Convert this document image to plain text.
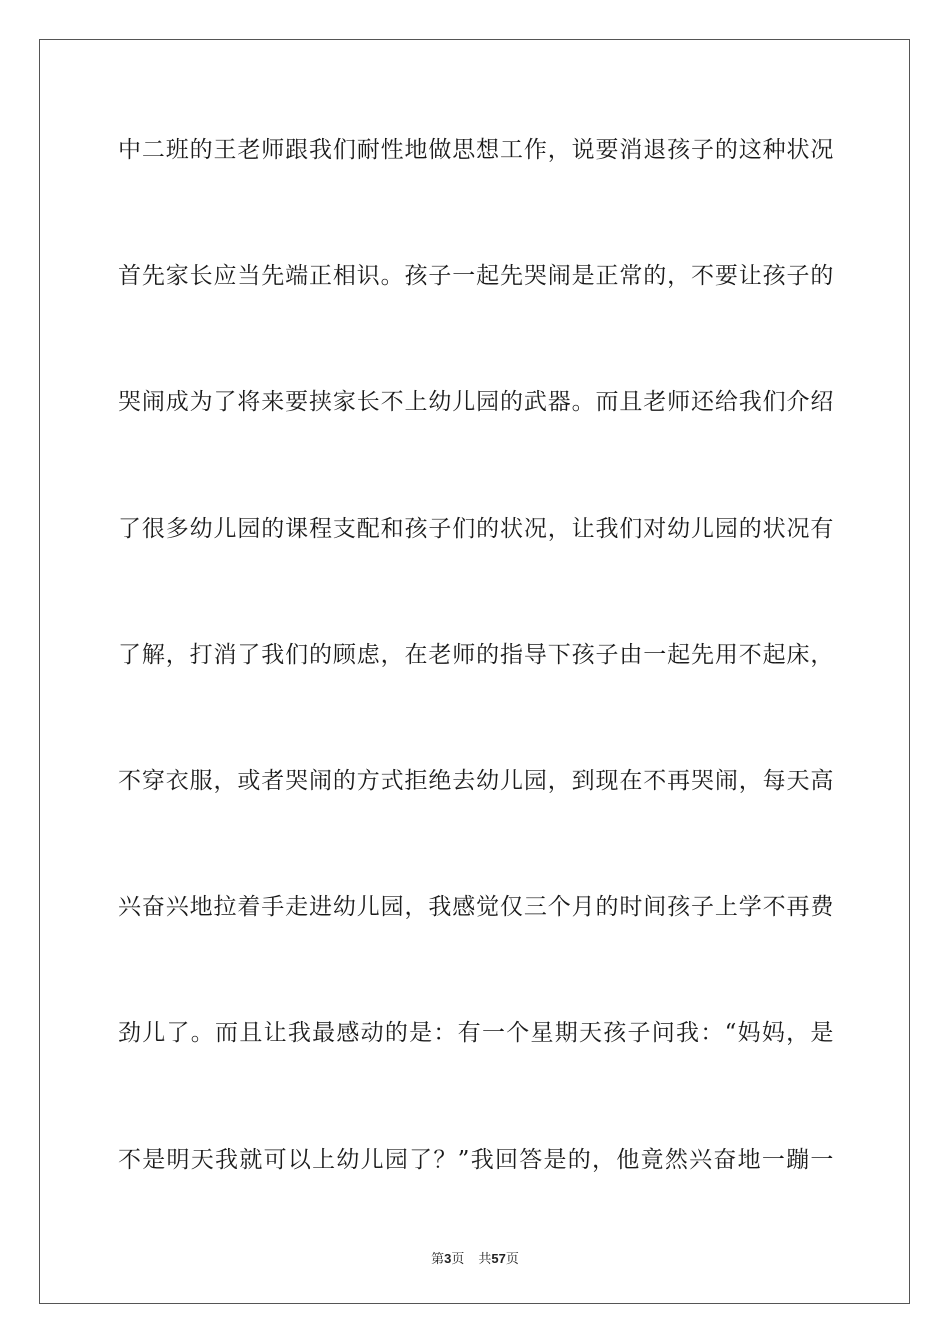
中二班的王老师跟我们耐性地做思想工作，说要消退孩子的这种状况
首先家长应当先端正相识。孩子一起先哭闹是正常的，不要让孩子的
哭闹成为了将来要挟家长不上幼儿园的武器。而且老师还给我们介绍
了很多幼儿园的课程支配和孩子们的状况，让我们对幼儿园的状况有
了解，打消了我们的顾虑，在老师的指导下孩子由一起先用不起床，
不穿衣服，或者哭闹的方式拒绝去幼儿园，到现在不再哭闹，每天高
兴奋兴地拉着手走进幼儿园，我感觉仅三个月的时间孩子上学不再费
劲儿了。而且让我最感动的是：有一个星期天孩子问我：“妈妈，是
不是明天我就可以上幼儿园了？”我回答是的，他竟然兴奋地一蹦一
第3页 共57页
